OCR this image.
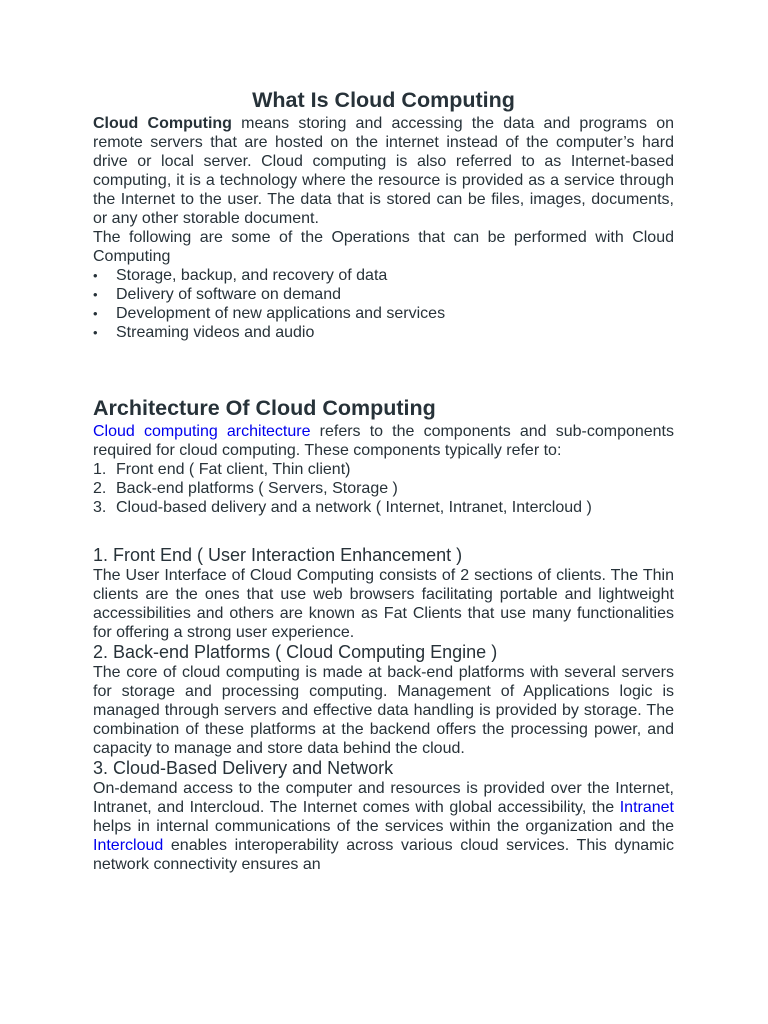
What Is Cloud Computing

Cloud Computing means storing and accessing the data and programs on remote servers that are hosted on the internet instead of the computer’s hard drive or local server. Cloud computing is also referred to as Internet-based computing, it is a technology where the resource is provided as a service through the Internet to the user. The data that is stored can be files, images, documents, or any other storable document.

The following are some of the Operations that can be performed with Cloud Computing

•	Storage, backup, and recovery of data
•	Delivery of software on demand
•	Development of new applications and services
•	Streaming videos and audio
Architecture Of Cloud Computing

Cloud computing architecture refers to the components and sub-components required for cloud computing. These components typically refer to:

1. Front end ( Fat client, Thin client)
2. Back-end platforms ( Servers, Storage )
3. Cloud-based delivery and a network ( Internet, Intranet, Intercloud )
1. Front End ( User Interaction Enhancement )

The User Interface of Cloud Computing consists of 2 sections of clients. The Thin clients are the ones that use web browsers facilitating portable and lightweight accessibilities and others are known as Fat Clients that use many functionalities for offering a strong user experience.

2. Back-end Platforms ( Cloud Computing Engine )

The core of cloud computing is made at back-end platforms with several servers for storage and processing computing. Management of Applications logic is managed through servers and effective data handling is provided by storage. The combination of these platforms at the backend offers the processing power, and capacity to manage and store data behind the cloud.

3. Cloud-Based Delivery and Network

On-demand access to the computer and resources is provided over the Internet, Intranet, and Intercloud. The Internet comes with global accessibility, the Intranet helps in internal communications of the services within the organization and the Intercloud enables interoperability across various cloud services. This dynamic network connectivity ensures an
